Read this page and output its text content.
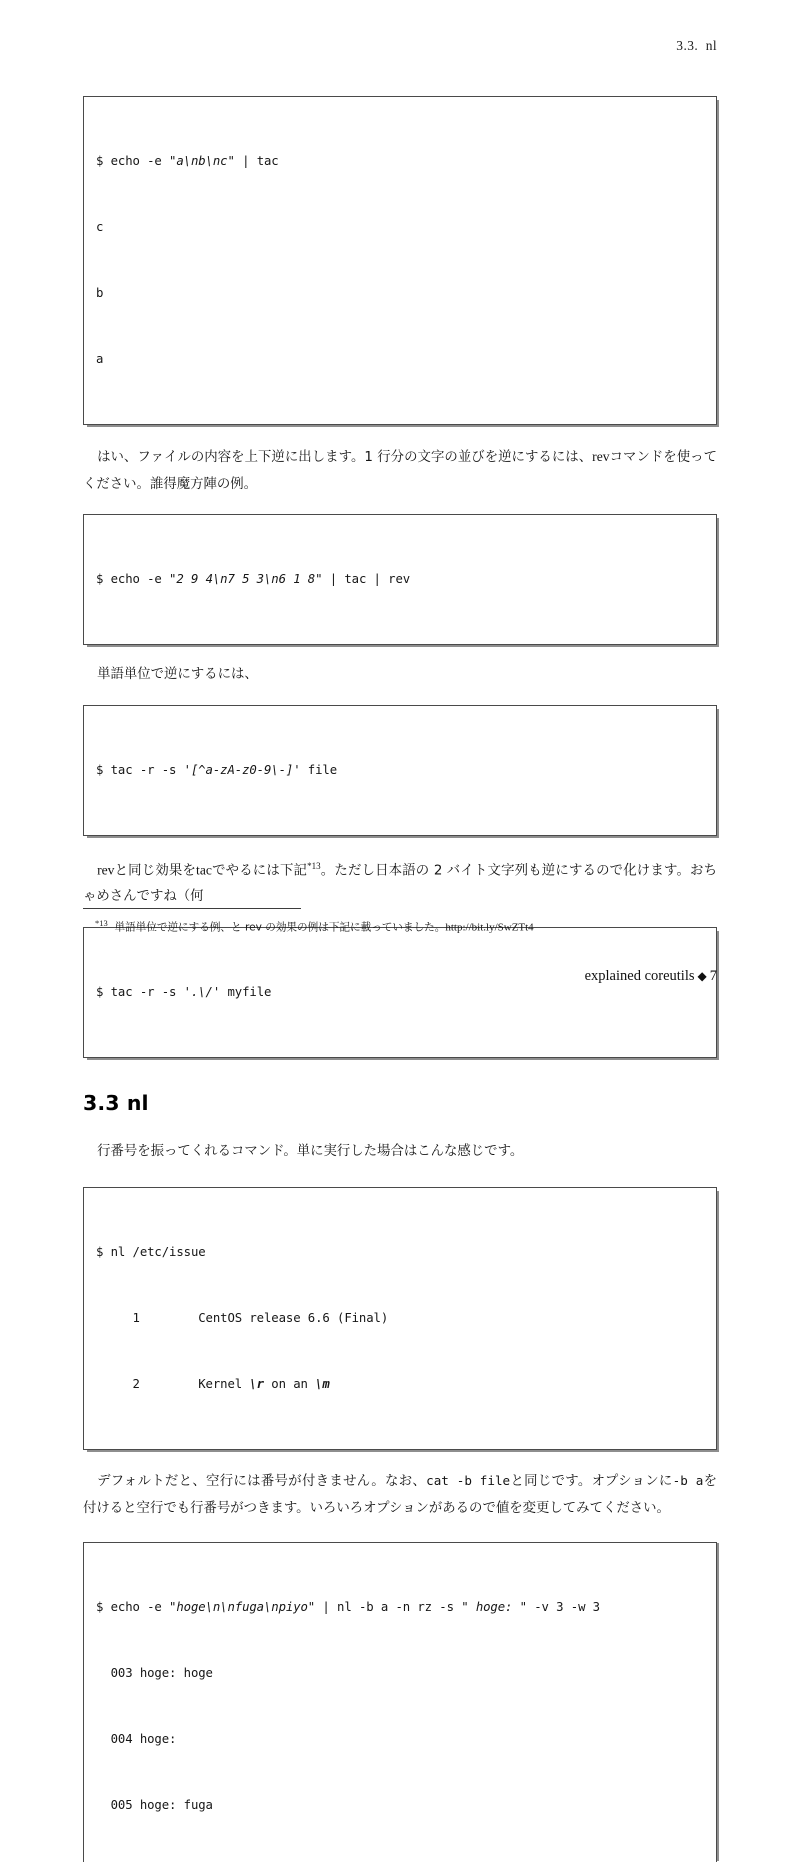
3.3.  nl

$ echo -e "a\nb\nc" | tac

c

b

a

はい、ファイルの内容を上下逆に出します。1 行分の文字の並びを逆にするには、revコマンドを使ってください。誰得魔方陣の例。

$ echo -e "2 9 4\n7 5 3\n6 1 8" | tac | rev

単語単位で逆にするには、

$ tac -r -s '[^a-zA-z0-9\-]' file

revと同じ効果をtacでやるには下記$^{*13}$。ただし日本語の 2 バイト文字列も逆にするので化けます。おちゃめさんですね（何

$ tac -r -s '.\/' myfile

3.3 nl

行番号を振ってくれるコマンド。単に実行した場合はこんな感じです。

$ nl /etc/issue

1        CentOS release 6.6 (Final)

2        Kernel \r on an \m

デフォルトだと、空行には番号が付きません。なお、cat -b fileと同じです。オプションに-b aを付けると空行でも行番号がつきます。いろいろオプションがあるので値を変更してみてください。

$ echo -e "hoge\n\nfuga\npiyo" | nl -b a -n rz -s " hoge: " -v 3 -w 3

003 hoge: hoge

004 hoge:

005 hoge: fuga

$^{*13}$ 単語単位で逆にする例、と rev の効果の例は下記に載っていました。http://bit.ly/SwZTt4
explained coreutils ◆ 7
